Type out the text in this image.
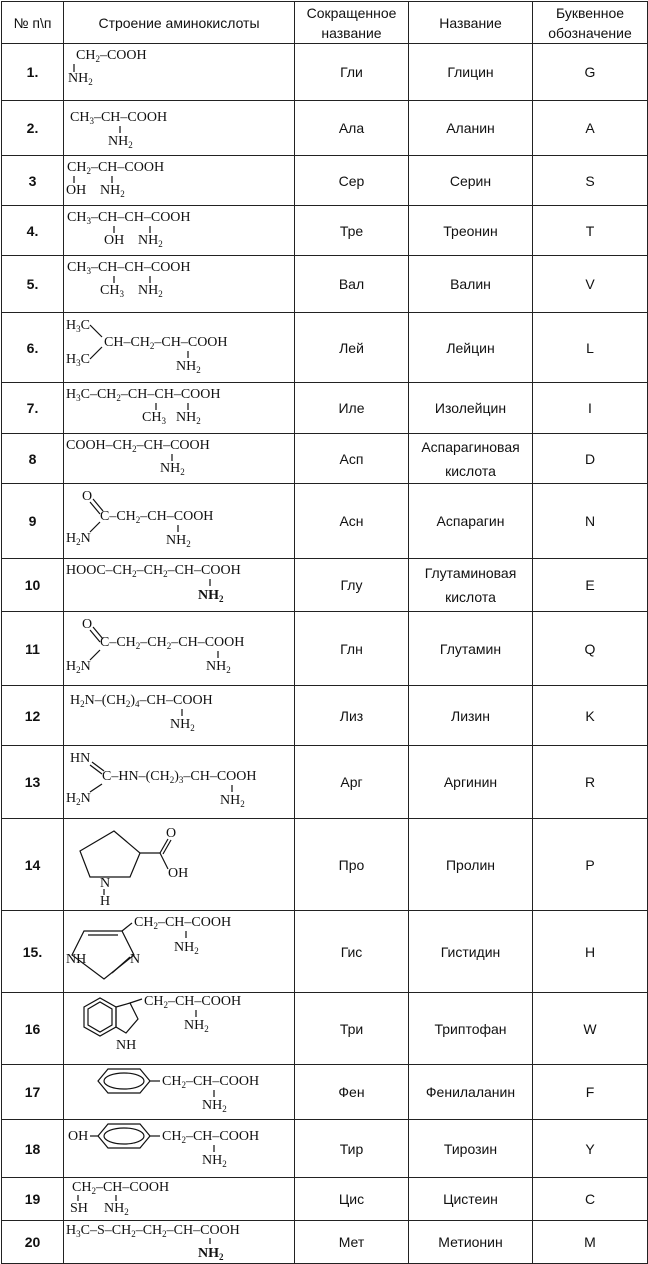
№ п\п	Строение аминокислоты	Сокращенное название	Название	Буквенное обозначение
1.	$CH_2$–COOH
$NH_2$	Гли	Глицин	G
2.	$CH_3-CH$–COOH
$NH_2$	Ала	Аланин	A
3	$CH_2-CH$–COOH
OH $NH_2$	Сер	Серин	S
4.	$CH_3-CH-CH$–COOH
OH $NH_2$	Тре	Треонин	T
5.	$CH_3-CH-CH$–COOH
$CH_3$ $NH_2$	Вал	Валин	V
6.	$H_3C$
$H_3C$
$CH-CH_2-CH$–COOH
$NH_2$	Лей	Лейцин	L
7.	$H_3C-CH_2-CH-CH$–COOH
$CH_3$ $NH_2$	Иле	Изолейцин	I
8	COOH–$CH_2-CH$–COOH
$NH_2$	Асп	Аспарагиновая кислота	D
9	O
$C-CH_2-CH$–COOH
$H_2N$ $NH_2$	Асн	Аспарагин	N
10	HOOC–$CH_2-CH_2-CH$–COOH
$NH_2$	Глу	Глутаминовая кислота	E
11	O
$C-CH_2-CH_2-CH$–COOH
$H_2N$ $NH_2$	Глн	Глутамин	Q
12	$H_2N-(CH_2)_4-CH$–COOH
$NH_2$	Лиз	Лизин	K
13	HN
$C-HN-(CH_2)_3-CH$–COOH
$H_2N$ $NH_2$	Арг	Аргинин	R
14	N
H
O
OH	Про	Пролин	P
15.	NH N
$CH_2-CH$–COOH
$NH_2$	Гис	Гистидин	H
16	NH
$CH_2-CH$–COOH
$NH_2$	Три	Триптофан	W
17	$CH_2-CH$–COOH
$NH_2$	Фен	Фенилаланин	F
18	OH $CH_2-CH$–COOH
$NH_2$	Тир	Тирозин	Y
19	$CH_2-CH$–COOH
SH $NH_2$	Цис	Цистеин	C
20	$H_3C-S-CH_2-CH_2-CH$–COOH
$NH_2$	Мет	Метионин	M
